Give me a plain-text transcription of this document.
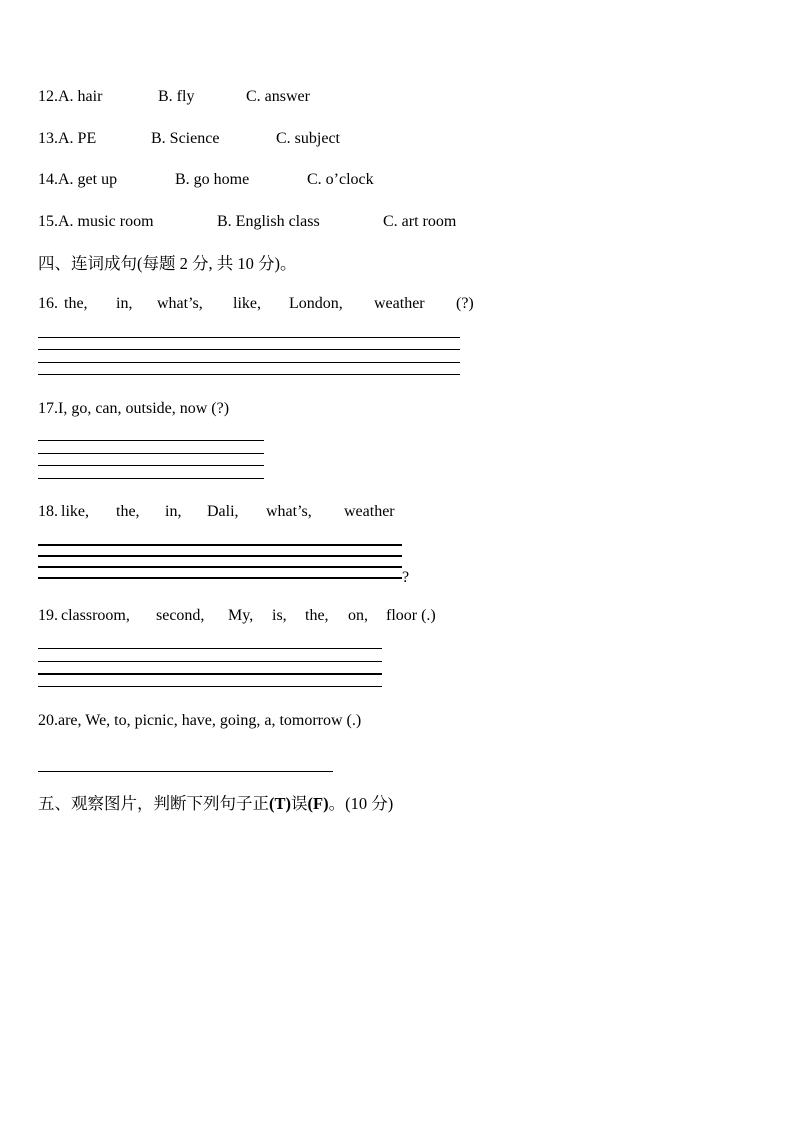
12.A. hair	B. fly	C. answer
13.A. PE	B. Science	C. subject
14.A. get up	B. go home	C. o’clock
15.A. music room	B. English class	C. art room
四、连词成句(每题 2 分, 共 10 分)。
16. the, in, what’s, like, London, weather (?)
17.I, go, can, outside, now (?)
18. like, the, in, Dali, what’s, weather
?
19. classroom, second, My, is, the, on, floor (.)
20.are, We, to, picnic, have, going, a, tomorrow (.)
五、观察图片，判断下列句子正(T)误(F)。(10 分)
